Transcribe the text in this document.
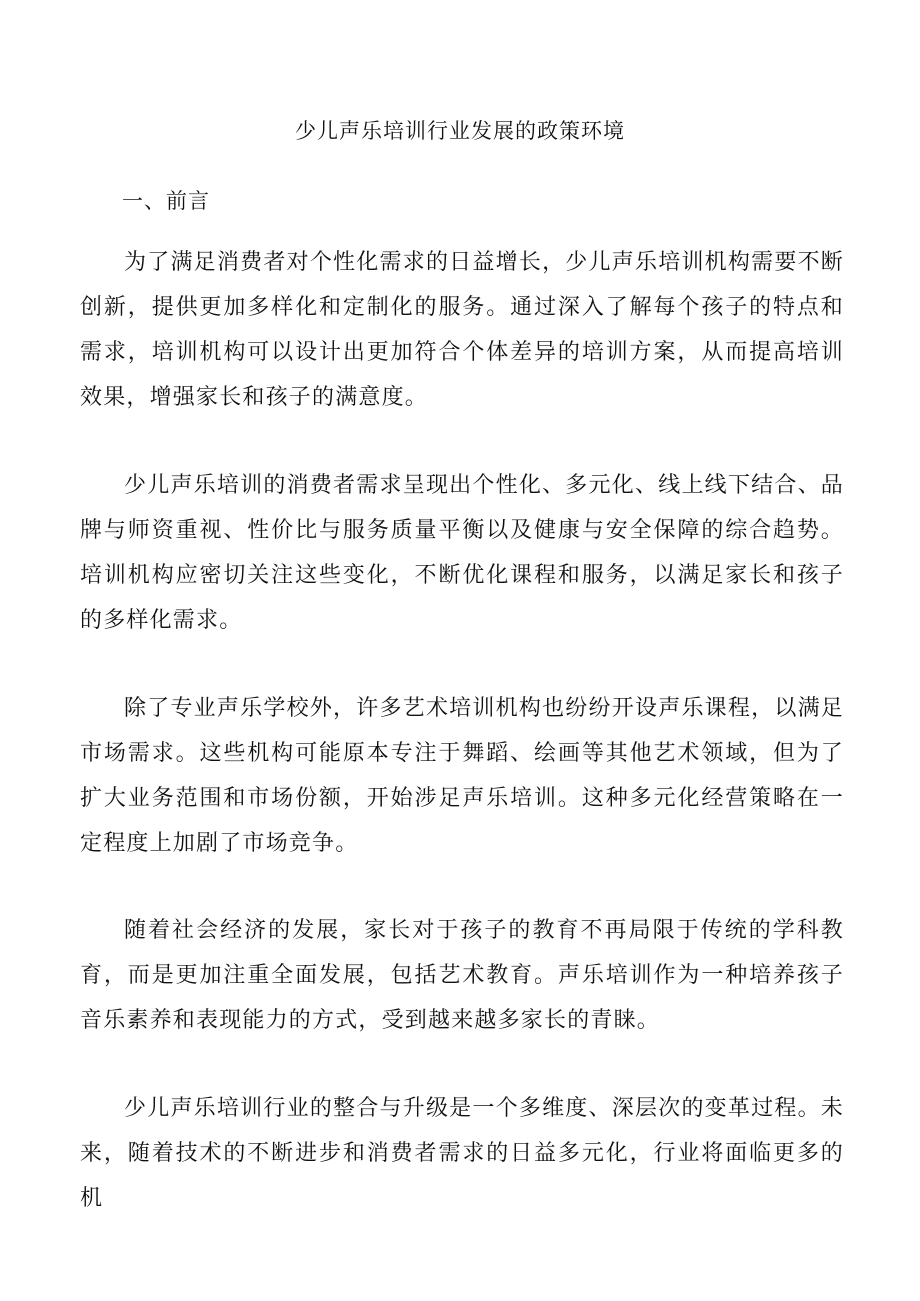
少儿声乐培训行业发展的政策环境
一、前言

为了满足消费者对个性化需求的日益增长，少儿声乐培训机构需要不断创新，提供更加多样化和定制化的服务。通过深入了解每个孩子的特点和需求，培训机构可以设计出更加符合个体差异的培训方案，从而提高培训效果，增强家长和孩子的满意度。

少儿声乐培训的消费者需求呈现出个性化、多元化、线上线下结合、品牌与师资重视、性价比与服务质量平衡以及健康与安全保障的综合趋势。培训机构应密切关注这些变化，不断优化课程和服务，以满足家长和孩子的多样化需求。

除了专业声乐学校外，许多艺术培训机构也纷纷开设声乐课程，以满足市场需求。这些机构可能原本专注于舞蹈、绘画等其他艺术领域，但为了扩大业务范围和市场份额，开始涉足声乐培训。这种多元化经营策略在一定程度上加剧了市场竞争。

随着社会经济的发展，家长对于孩子的教育不再局限于传统的学科教育，而是更加注重全面发展，包括艺术教育。声乐培训作为一种培养孩子音乐素养和表现能力的方式，受到越来越多家长的青睐。

少儿声乐培训行业的整合与升级是一个多维度、深层次的变革过程。未来，随着技术的不断进步和消费者需求的日益多元化，行业将面临更多的机
